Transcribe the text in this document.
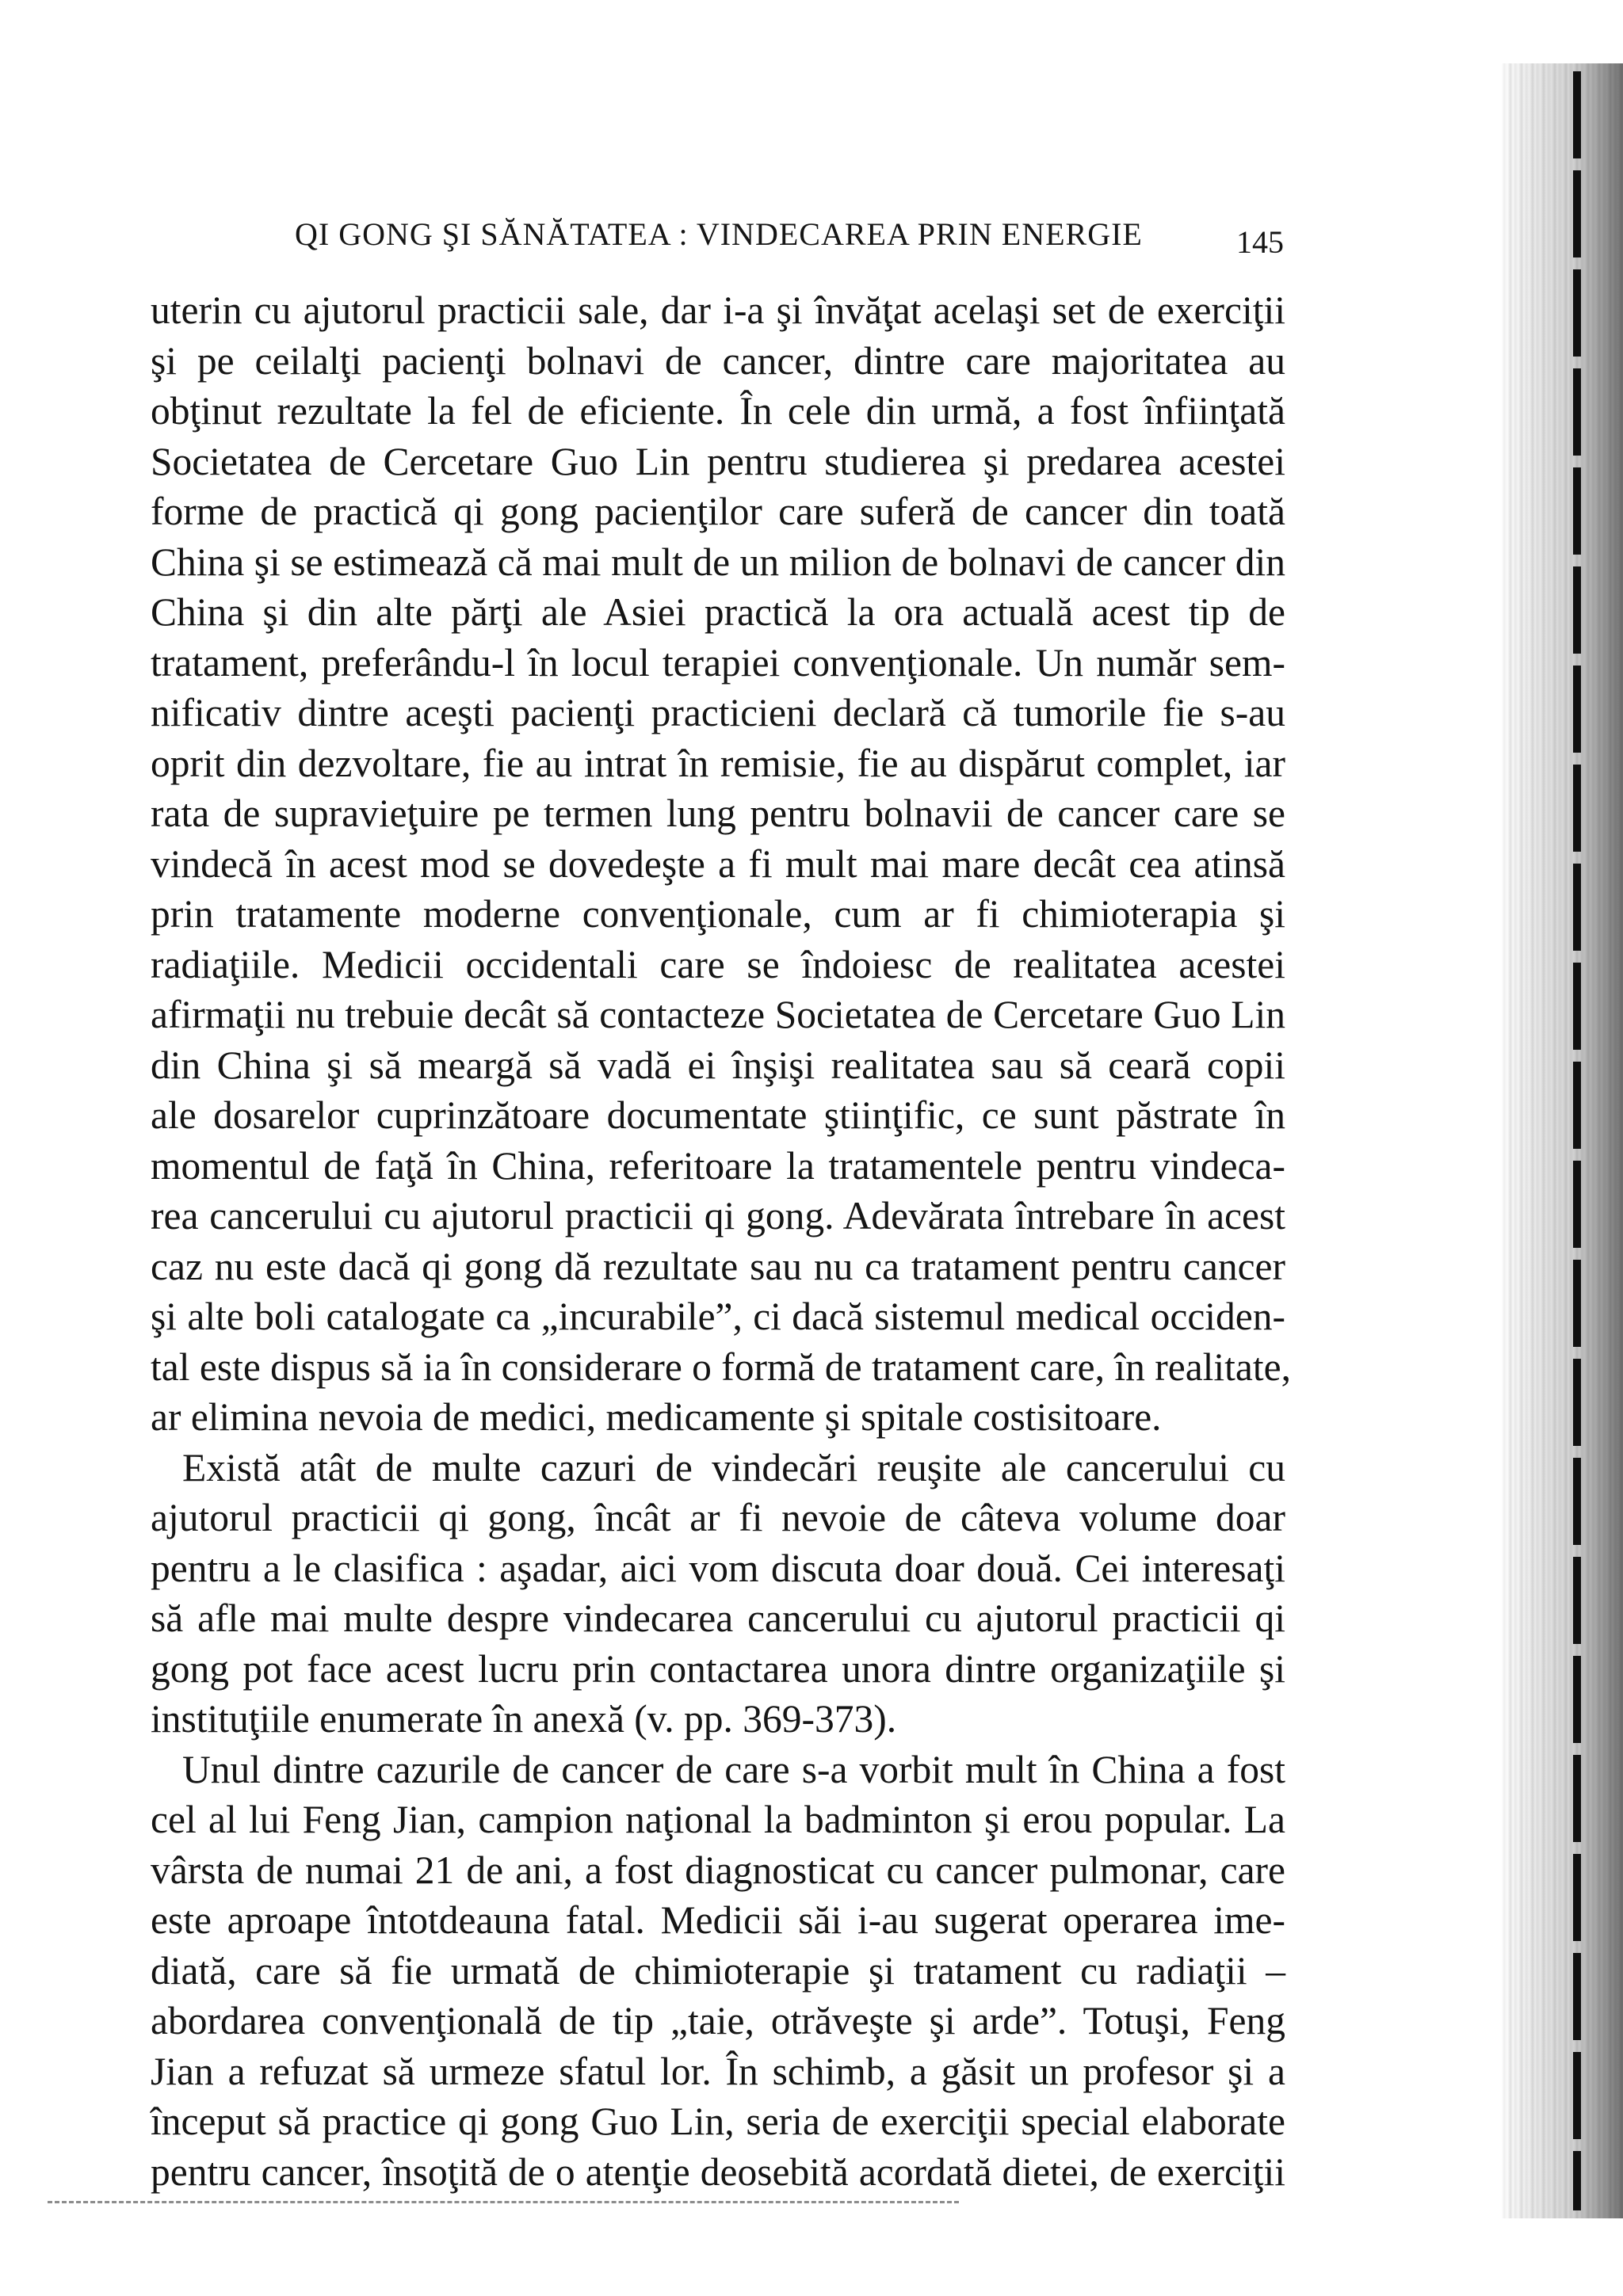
QI GONG ŞI SĂNĂTATEA : VINDECAREA PRIN ENERGIE	145
uterin cu ajutorul practicii sale, dar i-a şi învăţat acelaşi set de exerciţii
şi pe ceilalţi pacienţi bolnavi de cancer, dintre care majoritatea au
obţinut rezultate la fel de eficiente. În cele din urmă, a fost înfiinţată
Societatea de Cercetare Guo Lin pentru studierea şi predarea acestei
forme de practică qi gong pacienţilor care suferă de cancer din toată
China şi se estimează că mai mult de un milion de bolnavi de cancer din
China şi din alte părţi ale Asiei practică la ora actuală acest tip de
tratament, preferându-l în locul terapiei convenţionale. Un număr sem-
nificativ dintre aceşti pacienţi practicieni declară că tumorile fie s-au
oprit din dezvoltare, fie au intrat în remisie, fie au dispărut complet, iar
rata de supravieţuire pe termen lung pentru bolnavii de cancer care se
vindecă în acest mod se dovedeşte a fi mult mai mare decât cea atinsă
prin tratamente moderne convenţionale, cum ar fi chimioterapia şi
radiaţiile. Medicii occidentali care se îndoiesc de realitatea acestei
afirmaţii nu trebuie decât să contacteze Societatea de Cercetare Guo Lin
din China şi să meargă să vadă ei înşişi realitatea sau să ceară copii
ale dosarelor cuprinzătoare documentate ştiinţific, ce sunt păstrate în
momentul de faţă în China, referitoare la tratamentele pentru vindeca-
rea cancerului cu ajutorul practicii qi gong. Adevărata întrebare în acest
caz nu este dacă qi gong dă rezultate sau nu ca tratament pentru cancer
şi alte boli catalogate ca „incurabile”, ci dacă sistemul medical occiden-
tal este dispus să ia în considerare o formă de tratament care, în realitate,
ar elimina nevoia de medici, medicamente şi spitale costisitoare.
Există atât de multe cazuri de vindecări reuşite ale cancerului cu
ajutorul practicii qi gong, încât ar fi nevoie de câteva volume doar
pentru a le clasifica : aşadar, aici vom discuta doar două. Cei interesaţi
să afle mai multe despre vindecarea cancerului cu ajutorul practicii qi
gong pot face acest lucru prin contactarea unora dintre organizaţiile şi
instituţiile enumerate în anexă (v. pp. 369-373).
Unul dintre cazurile de cancer de care s-a vorbit mult în China a fost
cel al lui Feng Jian, campion naţional la badminton şi erou popular. La
vârsta de numai 21 de ani, a fost diagnosticat cu cancer pulmonar, care
este aproape întotdeauna fatal. Medicii săi i-au sugerat operarea ime-
diată, care să fie urmată de chimioterapie şi tratament cu radiaţii –
abordarea convenţională de tip „taie, otrăveşte şi arde”. Totuşi, Feng
Jian a refuzat să urmeze sfatul lor. În schimb, a găsit un profesor şi a
început să practice qi gong Guo Lin, seria de exerciţii special elaborate
pentru cancer, însoţită de o atenţie deosebită acordată dietei, de exerciţii
